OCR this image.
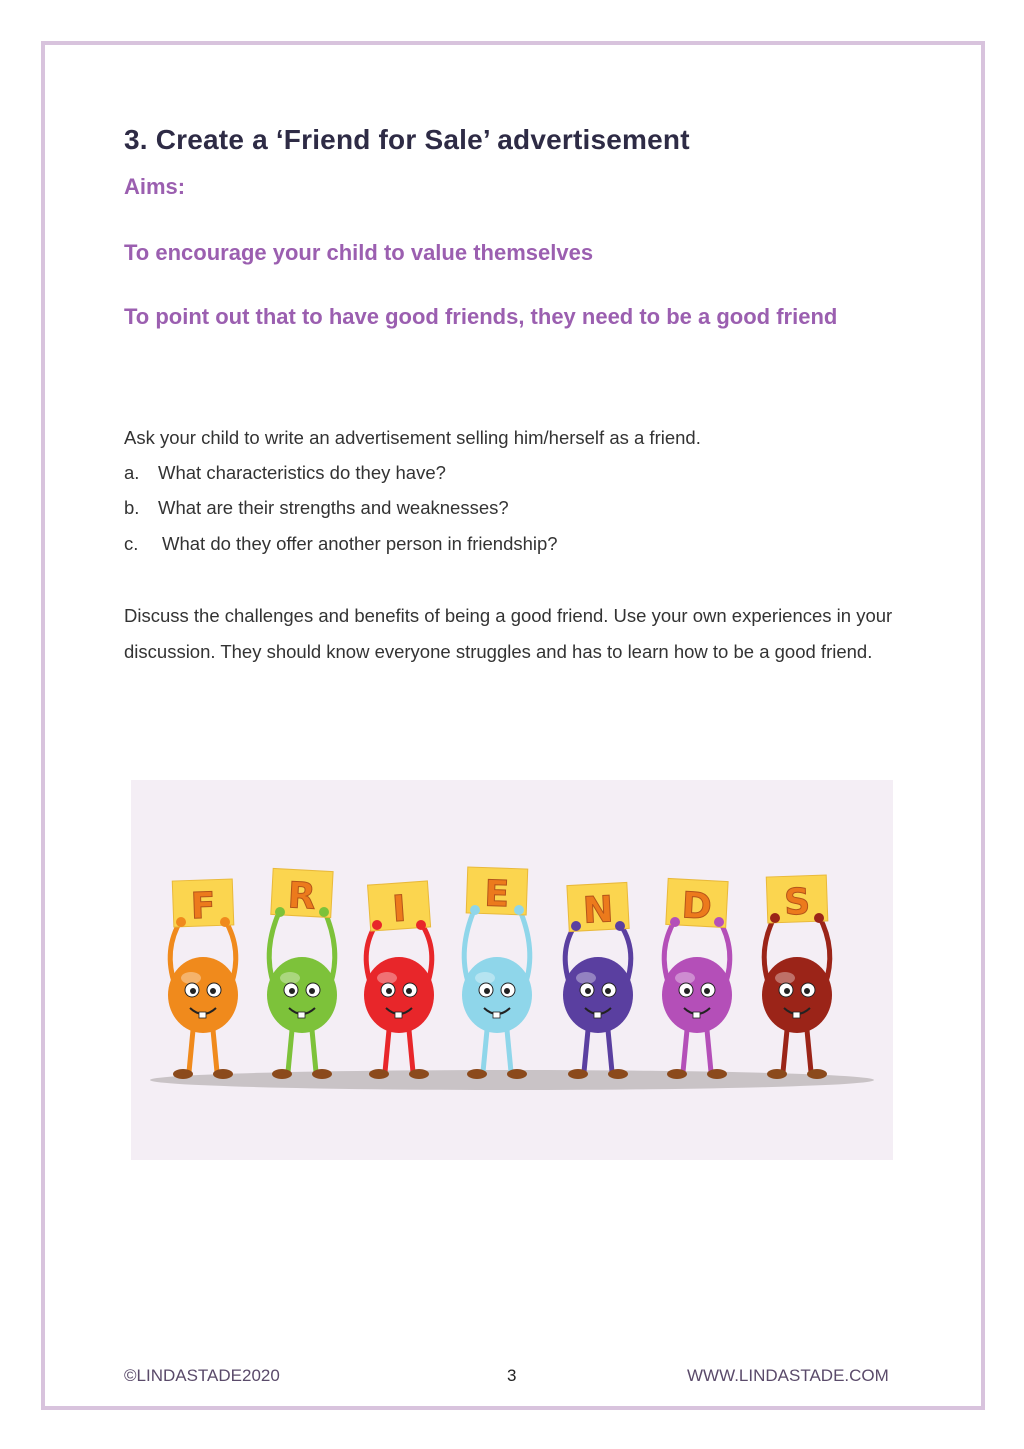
3. Create a ‘Friend for Sale’ advertisement

Aims:

To encourage your child to value themselves

To point out that to have good friends, they need to be a good friend

Ask your child to write an advertisement selling him/herself as a friend.

a. What characteristics do they have?

b. What are their strengths and weaknesses?

c. What do they offer another person in friendship?

Discuss the challenges and benefits of being a good friend. Use your own experiences in your discussion. They should know everyone struggles and has to learn how to be a good friend.

F R I E N D S

©LINDASTADE2020	3	WWW.LINDASTADE.COM
